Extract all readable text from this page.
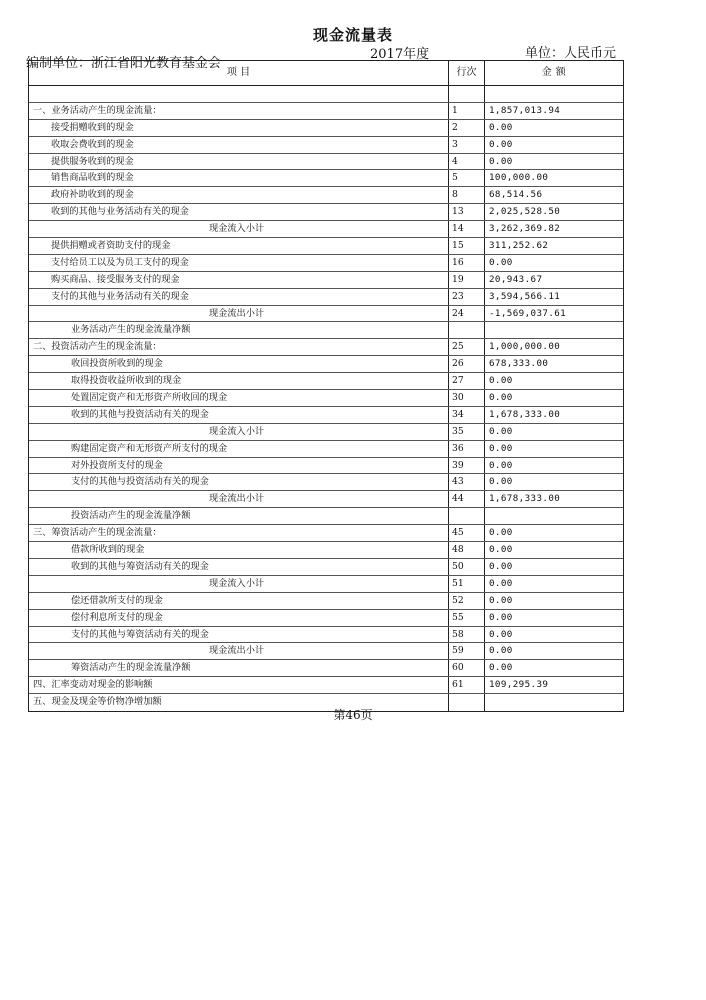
现金流量表
2017年度
编制单位：浙江省阳光教育基金会
单位：人民币元
项 目	行次	金 额
一、业务活动产生的现金流量：	1	1,857,013.94
接受捐赠收到的现金	2	0.00
收取会费收到的现金	3	0.00
提供服务收到的现金	4	0.00
销售商品收到的现金	5	100,000.00
政府补助收到的现金	8	68,514.56
收到的其他与业务活动有关的现金	13	2,025,528.50
现金流入小计	14	3,262,369.82
提供捐赠或者资助支付的现金	15	311,252.62
支付给员工以及为员工支付的现金	16	0.00
购买商品、接受服务支付的现金	19	20,943.67
支付的其他与业务活动有关的现金	23	3,594,566.11
现金流出小计	24	-1,569,037.61
业务活动产生的现金流量净额
二、投资活动产生的现金流量：	25	1,000,000.00
收回投资所收到的现金	26	678,333.00
取得投资收益所收到的现金	27	0.00
处置固定资产和无形资产所收回的现金	30	0.00
收到的其他与投资活动有关的现金	34	1,678,333.00
现金流入小计	35	0.00
购建固定资产和无形资产所支付的现金	36	0.00
对外投资所支付的现金	39	0.00
支付的其他与投资活动有关的现金	43	0.00
现金流出小计	44	1,678,333.00
投资活动产生的现金流量净额
三、筹资活动产生的现金流量：	45	0.00
借款所收到的现金	48	0.00
收到的其他与筹资活动有关的现金	50	0.00
现金流入小计	51	0.00
偿还借款所支付的现金	52	0.00
偿付利息所支付的现金	55	0.00
支付的其他与筹资活动有关的现金	58	0.00
现金流出小计	59	0.00
筹资活动产生的现金流量净额	60	0.00
四、汇率变动对现金的影响额	61	109,295.39
五、现金及现金等价物净增加额
第46页
